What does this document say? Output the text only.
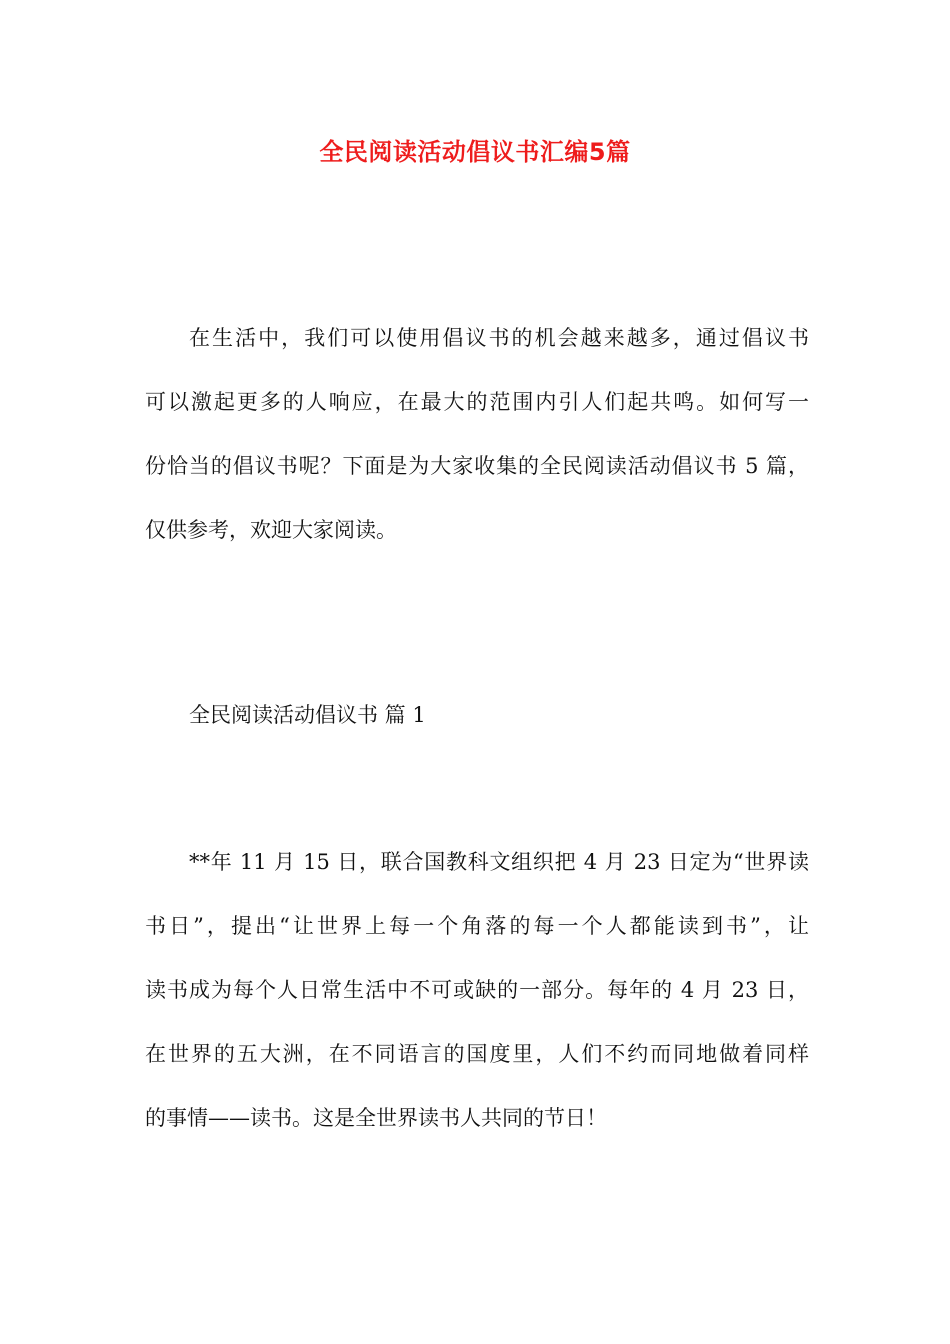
全民阅读活动倡议书汇编5篇
在生活中，我们可以使用倡议书的机会越来越多，通过倡议书
可以激起更多的人响应，在最大的范围内引人们起共鸣。如何写一
份恰当的倡议书呢？下面是为大家收集的全民阅读活动倡议书 5 篇，
仅供参考，欢迎大家阅读。
全民阅读活动倡议书 篇 1
**年 11 月 15 日，联合国教科文组织把 4 月 23 日定为“世界读
书日”，提出“让世界上每一个角落的每一个人都能读到书”，让
读书成为每个人日常生活中不可或缺的一部分。每年的 4 月 23 日，
在世界的五大洲，在不同语言的国度里，人们不约而同地做着同样
的事情——读书。这是全世界读书人共同的节日！
